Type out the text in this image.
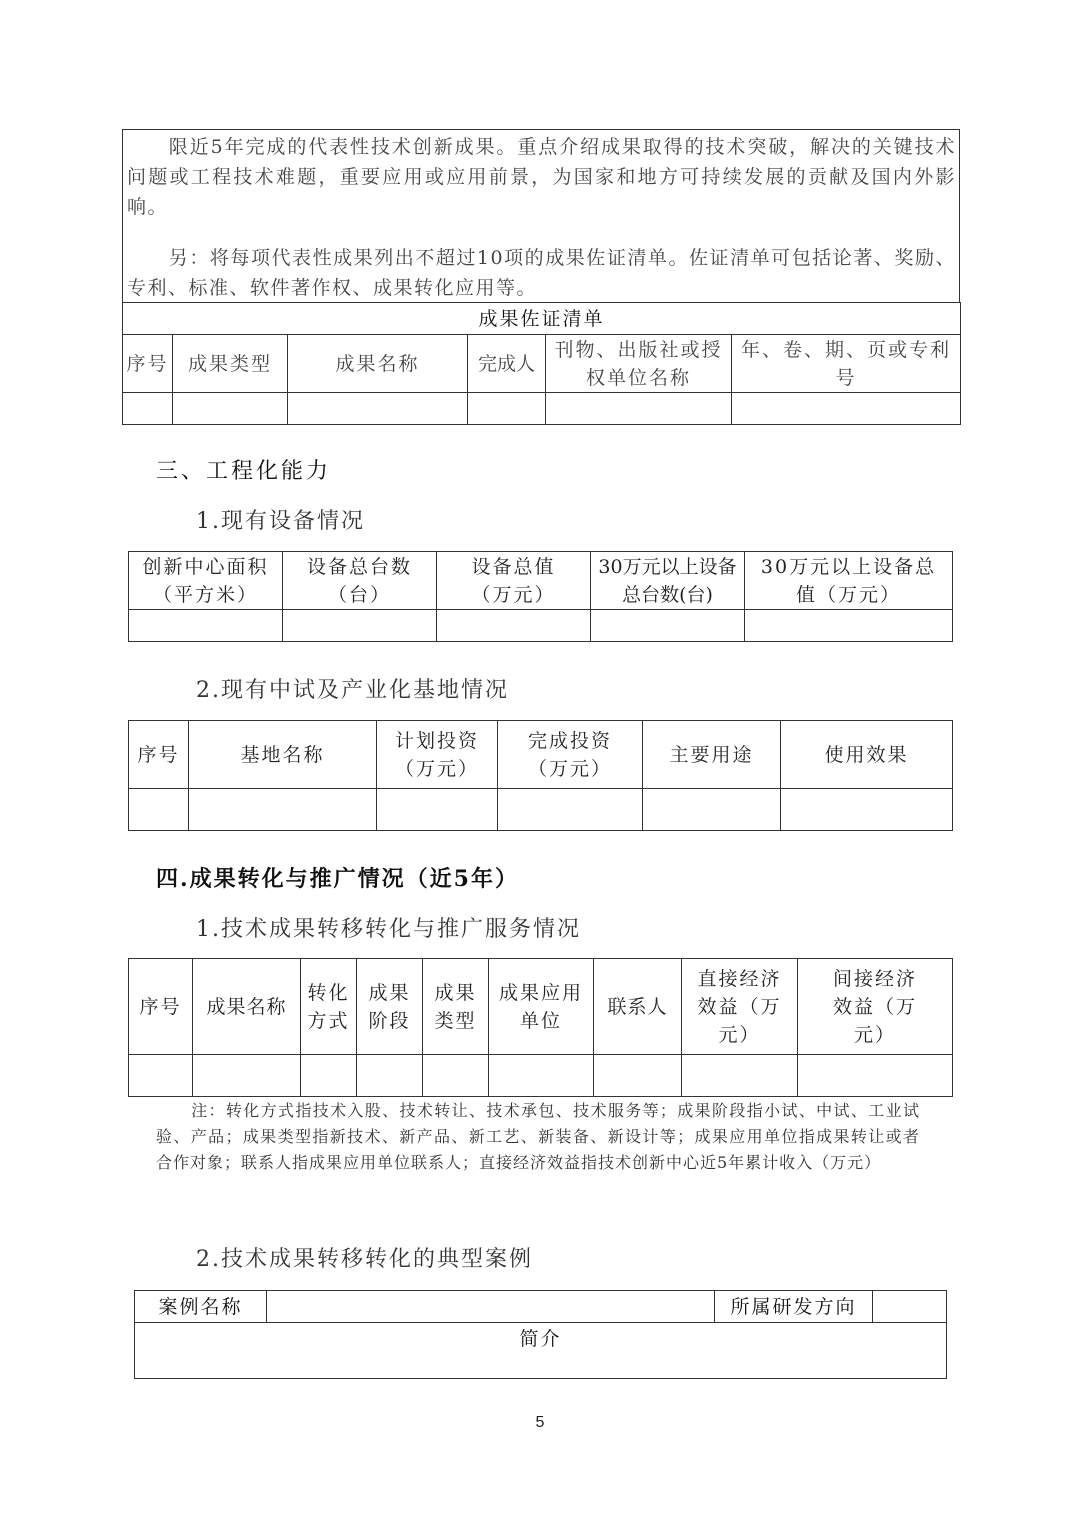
限近5年完成的代表性技术创新成果。重点介绍成果取得的技术突破，解决的关键技术问题或工程技术难题，重要应用或应用前景，为国家和地方可持续发展的贡献及国内外影响。

另：将每项代表性成果列出不超过10项的成果佐证清单。佐证清单可包括论著、奖励、专利、标准、软件著作权、成果转化应用等。

成果佐证清单					
序号	成果类型	成果名称	完成人	刊物、出版社或授权单位名称	年、卷、期、页或专利号

三、工程化能力
1.现有设备情况
创新中心面积（平方米）	设备总台数（台）	设备总值（万元）	30万元以上设备总台数(台)	30万元以上设备总值（万元）

2.现有中试及产业化基地情况
序号	基地名称	计划投资（万元）	完成投资（万元）	主要用途	使用效果

四.成果转化与推广情况（近5年）
1.技术成果转移转化与推广服务情况
序号	成果名称	转化方式	成果阶段	成果类型	成果应用单位	联系人	直接经济效益（万元）	间接经济效益（万元）

注：转化方式指技术入股、技术转让、技术承包、技术服务等；成果阶段指小试、中试、工业试验、产品；成果类型指新技术、新产品、新工艺、新装备、新设计等；成果应用单位指成果转让或者合作对象；联系人指成果应用单位联系人；直接经济效益指技术创新中心近5年累计收入（万元）

2.技术成果转移转化的典型案例
案例名称		所属研发方向	
简介
5
